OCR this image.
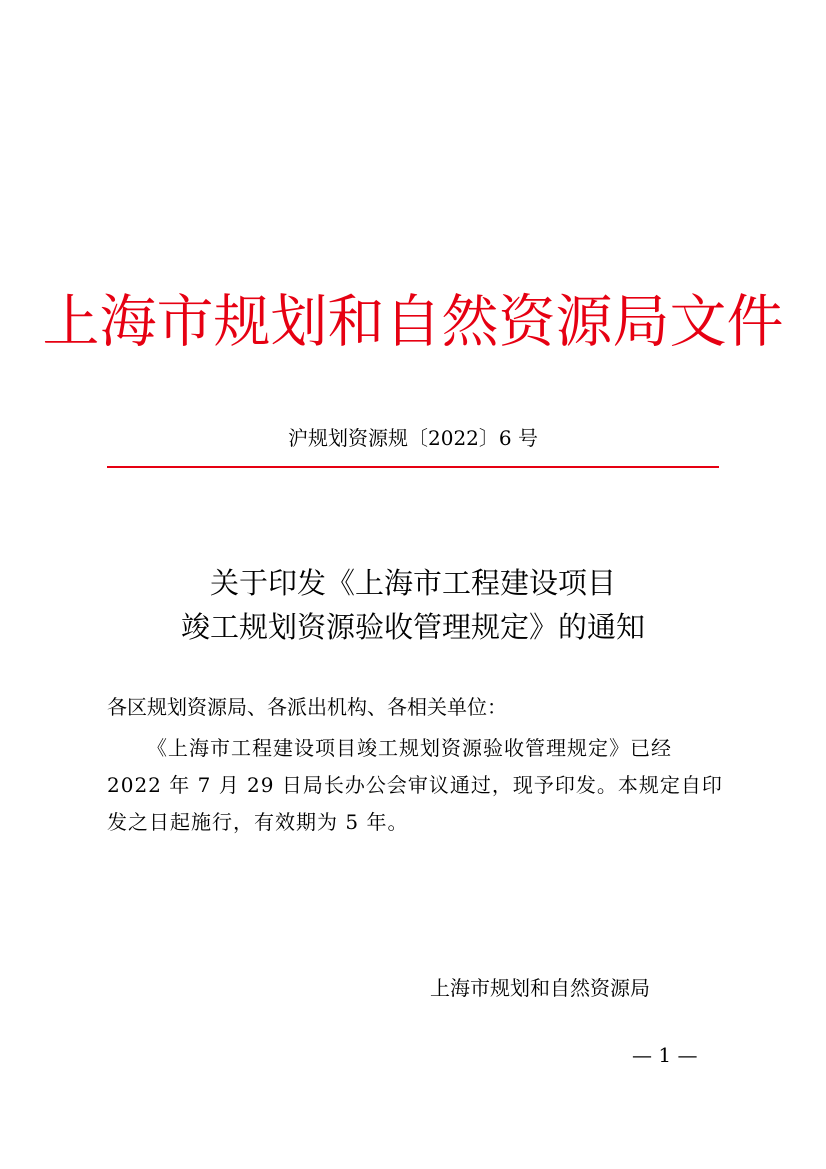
上海市规划和自然资源局文件
沪规划资源规〔2022〕6 号
关于印发《上海市工程建设项目
竣工规划资源验收管理规定》的通知
各区规划资源局、各派出机构、各相关单位：
《上海市工程建设项目竣工规划资源验收管理规定》已经
2022 年 7 月 29 日局长办公会审议通过，现予印发。本规定自印
发之日起施行，有效期为 5 年。
上海市规划和自然资源局
— 1 —
